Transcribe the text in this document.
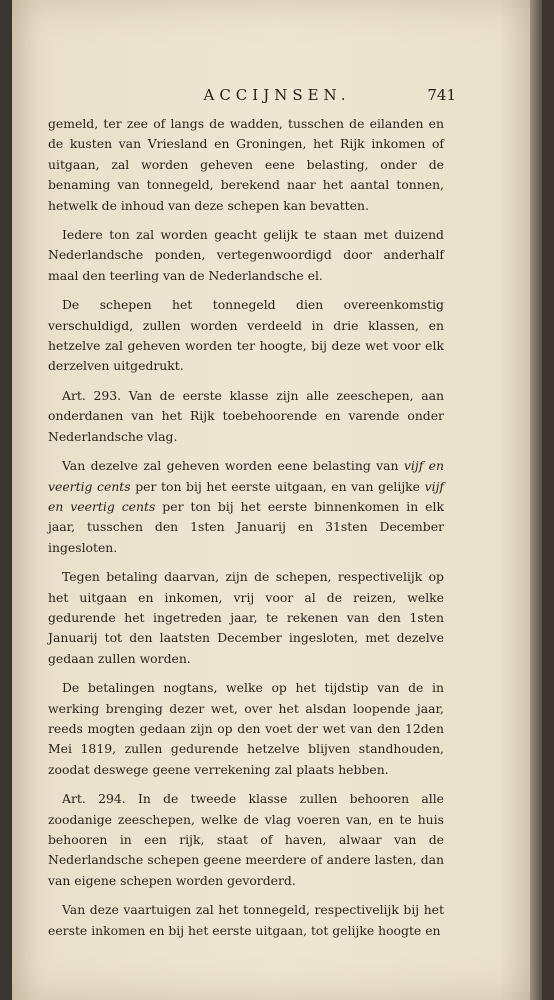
ACCIJNSEN.	741

gemeld, ter zee of langs de wadden, tusschen de eilanden en de kusten van Vriesland en Groningen, het Rijk inkomen of uitgaan, zal worden geheven eene belasting, onder de benaming van tonnegeld, berekend naar het aantal tonnen, hetwelk de inhoud van deze schepen kan bevatten.

Iedere ton zal worden geacht gelijk te staan met duizend Nederlandsche ponden, vertegenwoordigd door anderhalf maal den teerling van de Nederlandsche el.

De schepen het tonnegeld dien overeenkomstig verschuldigd, zullen worden verdeeld in drie klassen, en hetzelve zal geheven worden ter hoogte, bij deze wet voor elk derzelven uitgedrukt.

Art. 293. Van de eerste klasse zijn alle zeeschepen, aan onderdanen van het Rijk toebehoorende en varende onder Nederlandsche vlag.

Van dezelve zal geheven worden eene belasting van vijf en veertig cents per ton bij het eerste uitgaan, en van gelijke vijf en veertig cents per ton bij het eerste binnenkomen in elk jaar, tusschen den 1sten Januarij en 31sten December ingesloten.

Tegen betaling daarvan, zijn de schepen, respectivelijk op het uitgaan en inkomen, vrij voor al de reizen, welke gedurende het ingetreden jaar, te rekenen van den 1sten Januarij tot den laatsten December ingesloten, met dezelve gedaan zullen worden.

De betalingen nogtans, welke op het tijdstip van de in werking brenging dezer wet, over het alsdan loopende jaar, reeds mogten gedaan zijn op den voet der wet van den 12den Mei 1819, zullen gedurende hetzelve blijven standhouden, zoodat deswege geene verrekening zal plaats hebben.

Art. 294. In de tweede klasse zullen behooren alle zoodanige zeeschepen, welke de vlag voeren van, en te huis behooren in een rijk, staat of haven, alwaar van de Nederlandsche schepen geene meerdere of andere lasten, dan van eigene schepen worden gevorderd.

Van deze vaartuigen zal het tonnegeld, respectivelijk bij het eerste inkomen en bij het eerste uitgaan, tot gelijke hoogte en
